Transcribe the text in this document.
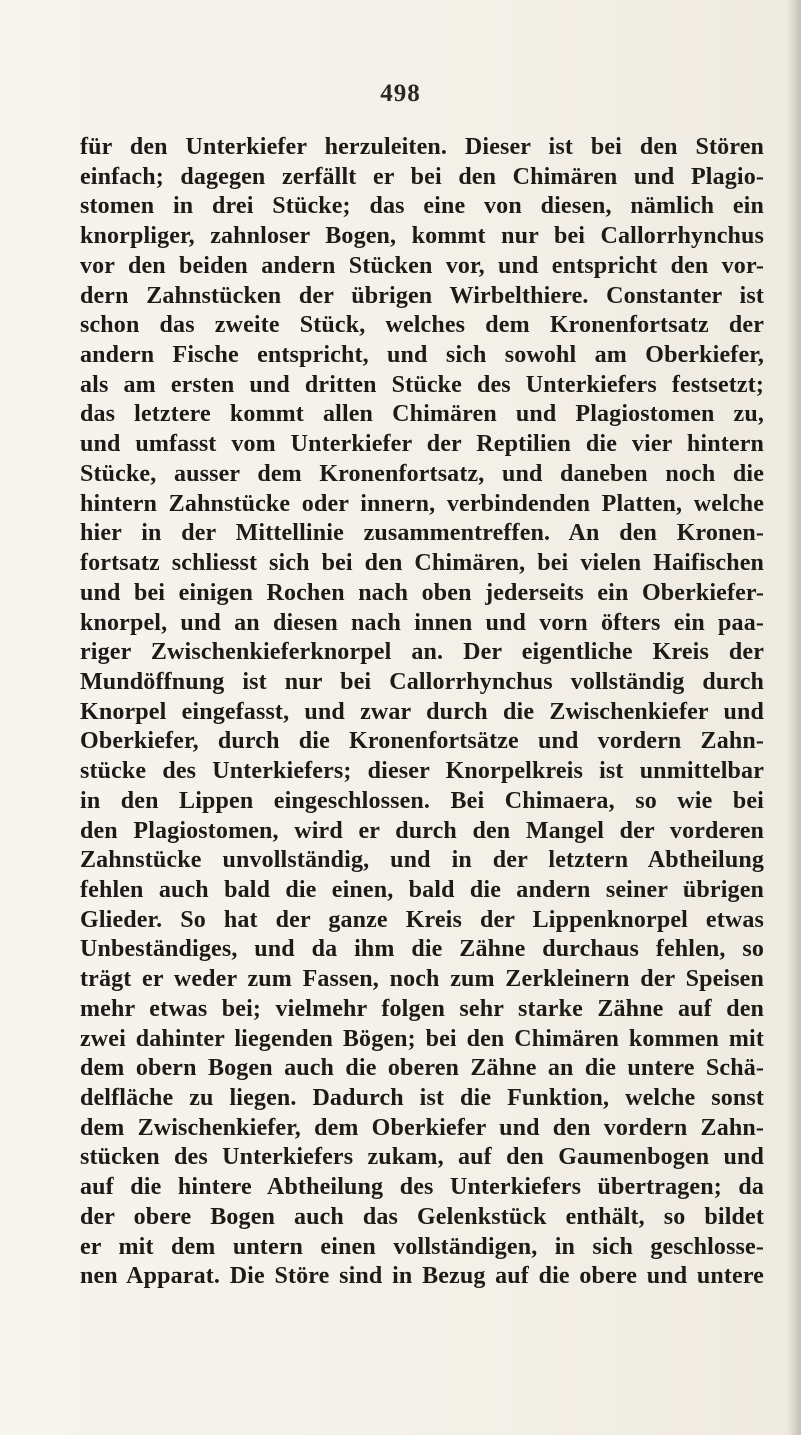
498
für den Unterkiefer herzuleiten. Dieser ist bei den Stören
einfach; dagegen zerfällt er bei den Chimären und Plagio-
stomen in drei Stücke; das eine von diesen, nämlich ein
knorpliger, zahnloser Bogen, kommt nur bei Callorrhynchus
vor den beiden andern Stücken vor, und entspricht den vor-
dern Zahnstücken der übrigen Wirbelthiere. Constanter ist
schon das zweite Stück, welches dem Kronenfortsatz der
andern Fische entspricht, und sich sowohl am Oberkiefer,
als am ersten und dritten Stücke des Unterkiefers festsetzt;
das letztere kommt allen Chimären und Plagiostomen zu,
und umfasst vom Unterkiefer der Reptilien die vier hintern
Stücke, ausser dem Kronenfortsatz, und daneben noch die
hintern Zahnstücke oder innern, verbindenden Platten, welche
hier in der Mittellinie zusammentreffen. An den Kronen-
fortsatz schliesst sich bei den Chimären, bei vielen Haifischen
und bei einigen Rochen nach oben jederseits ein Oberkiefer-
knorpel, und an diesen nach innen und vorn öfters ein paa-
riger Zwischenkieferknorpel an. Der eigentliche Kreis der
Mundöffnung ist nur bei Callorrhynchus vollständig durch
Knorpel eingefasst, und zwar durch die Zwischenkiefer und
Oberkiefer, durch die Kronenfortsätze und vordern Zahn-
stücke des Unterkiefers; dieser Knorpelkreis ist unmittelbar
in den Lippen eingeschlossen. Bei Chimaera, so wie bei
den Plagiostomen, wird er durch den Mangel der vorderen
Zahnstücke unvollständig, und in der letztern Abtheilung
fehlen auch bald die einen, bald die andern seiner übrigen
Glieder. So hat der ganze Kreis der Lippenknorpel etwas
Unbeständiges, und da ihm die Zähne durchaus fehlen, so
trägt er weder zum Fassen, noch zum Zerkleinern der Speisen
mehr etwas bei; vielmehr folgen sehr starke Zähne auf den
zwei dahinter liegenden Bögen; bei den Chimären kommen mit
dem obern Bogen auch die oberen Zähne an die untere Schä-
delfläche zu liegen. Dadurch ist die Funktion, welche sonst
dem Zwischenkiefer, dem Oberkiefer und den vordern Zahn-
stücken des Unterkiefers zukam, auf den Gaumenbogen und
auf die hintere Abtheilung des Unterkiefers übertragen; da
der obere Bogen auch das Gelenkstück enthält, so bildet
er mit dem untern einen vollständigen, in sich geschlosse-
nen Apparat. Die Störe sind in Bezug auf die obere und untere
